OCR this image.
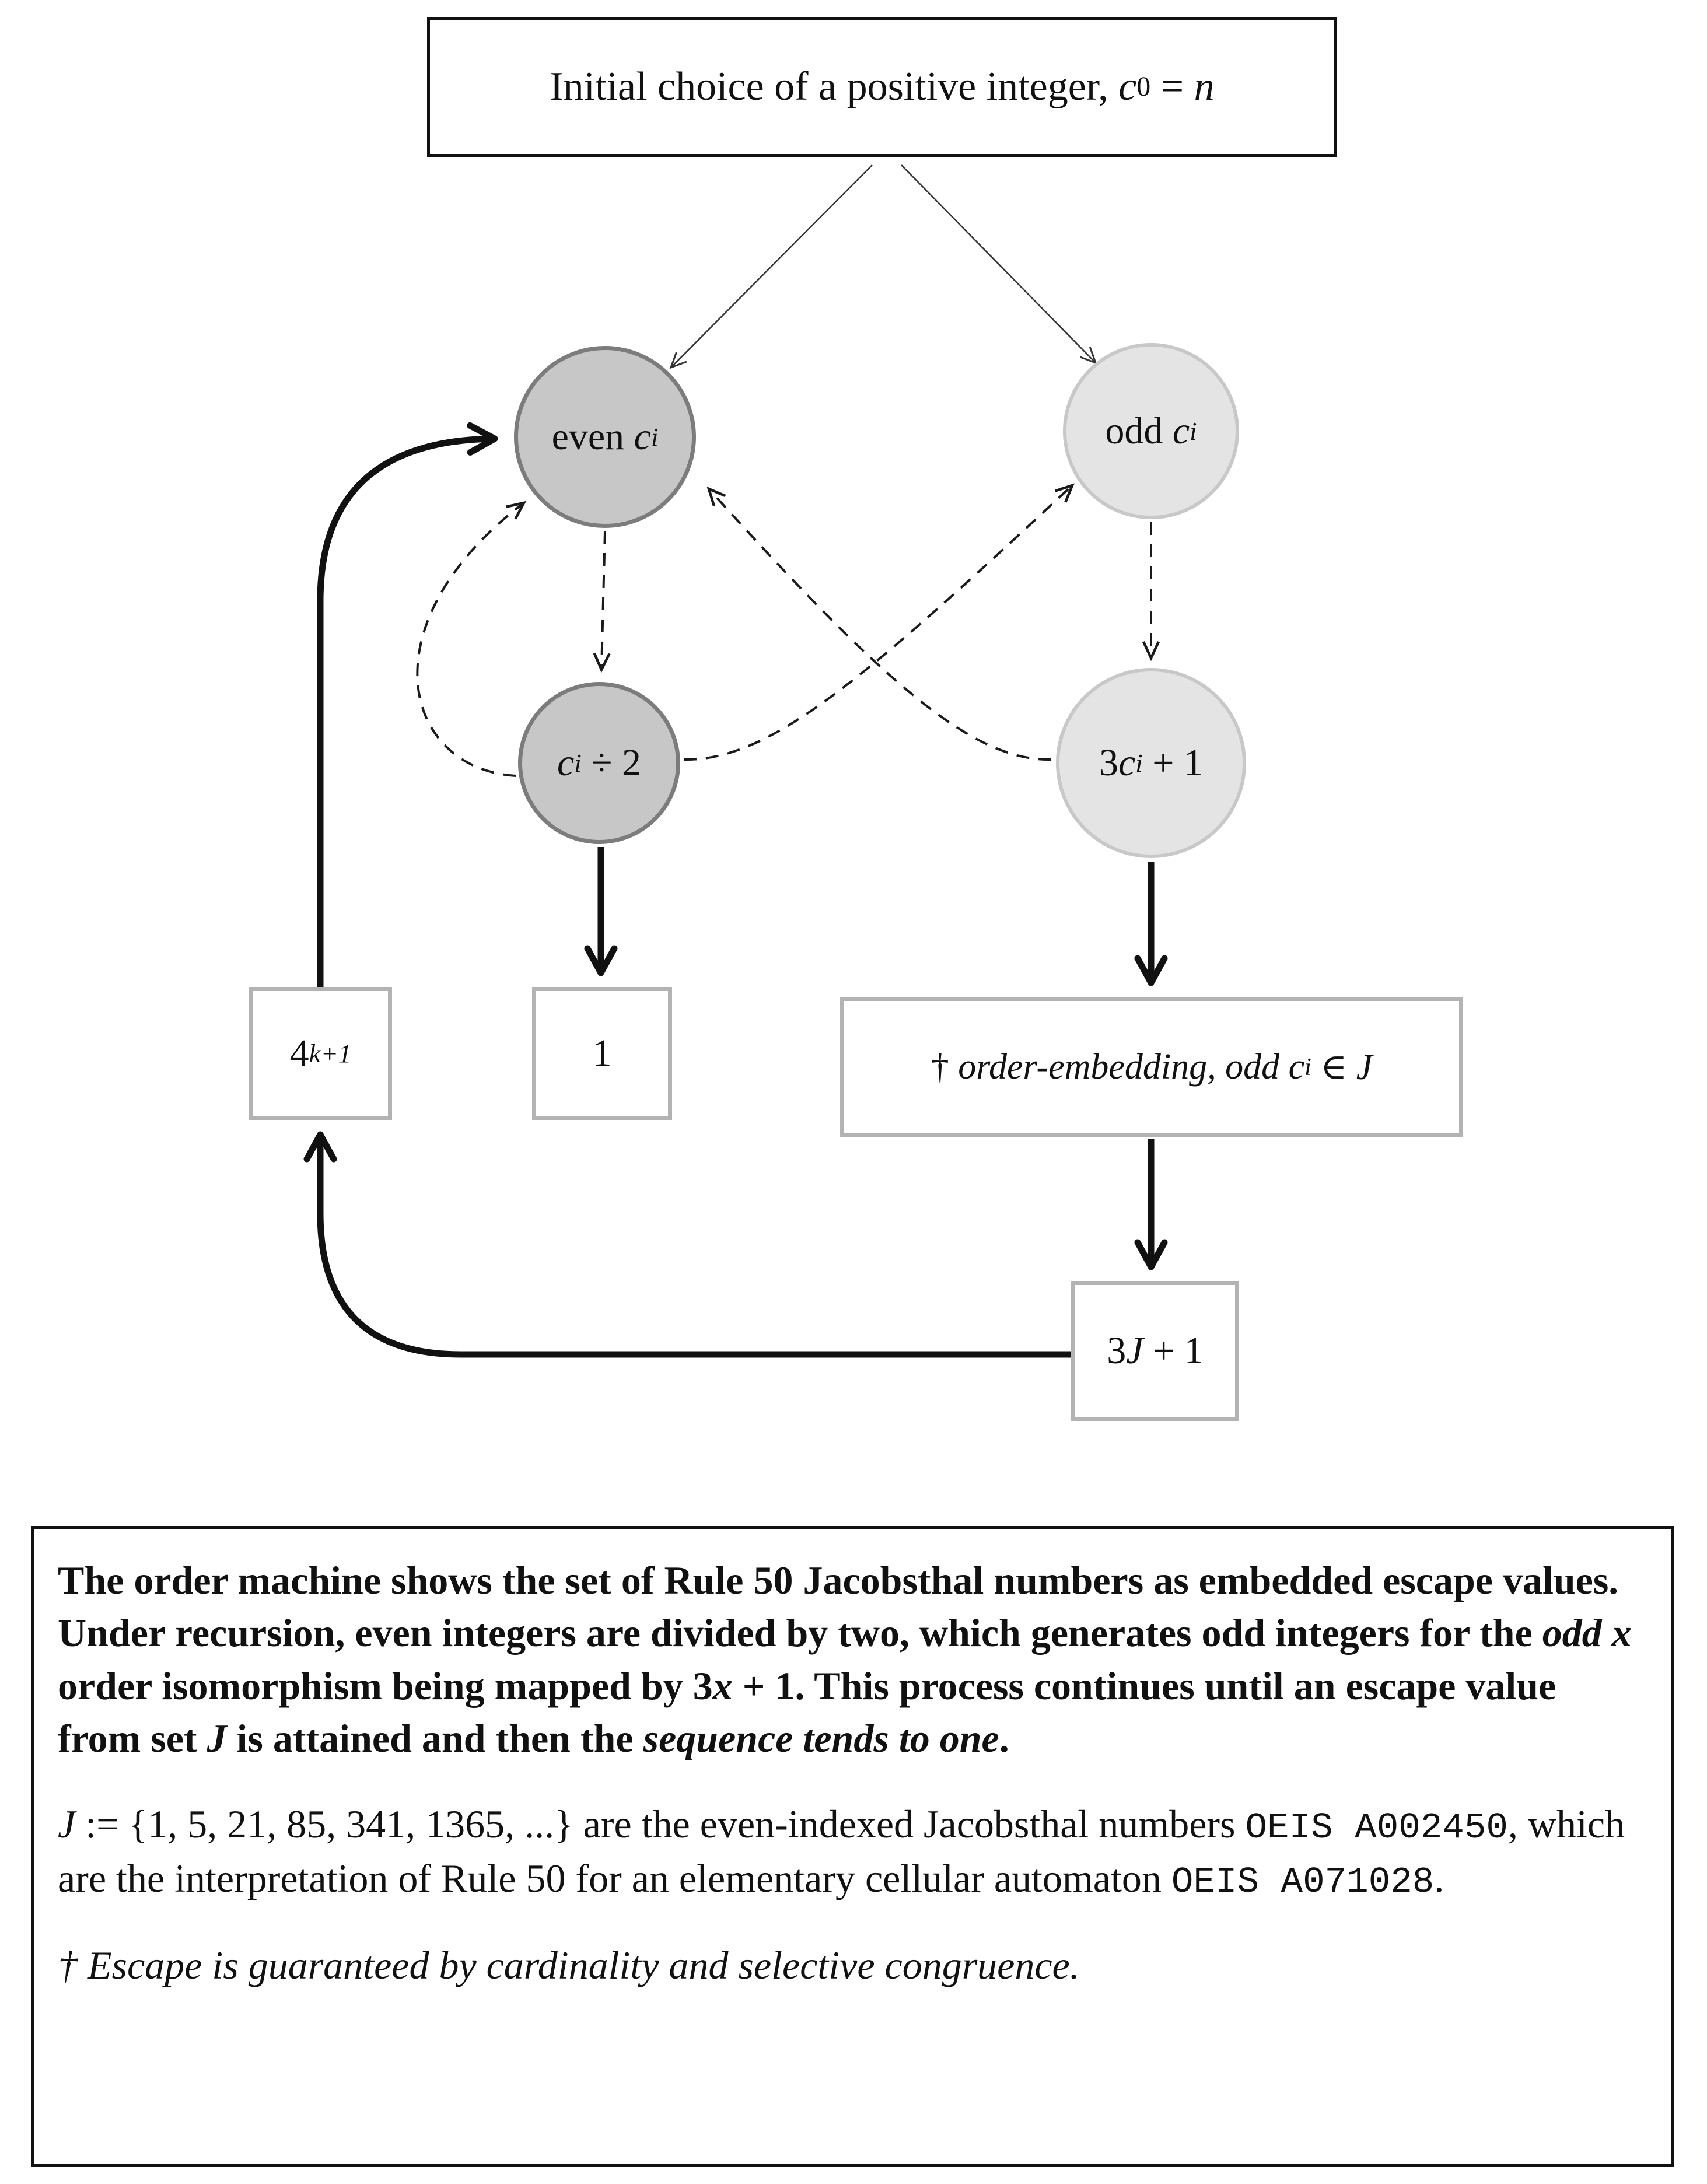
Initial choice of a positive integer, c 0 = n
even c i	odd c i
c i ÷ 2	3 c i + 1
4 k+1	1	† order-embedding, odd c i ∈ J
3 J + 1

The order machine shows the set of Rule 50 Jacobsthal numbers as embedded escape values. Under recursion, even integers are divided by two, which generates odd integers for the odd x order isomorphism being mapped by 3x + 1. This process continues until an escape value from set J is attained and then the sequence tends to one.

J := {1, 5, 21, 85, 341, 1365, ...} are the even-indexed Jacobsthal numbers OEIS A002450, which are the interpretation of Rule 50 for an elementary cellular automaton OEIS A071028.

† Escape is guaranteed by cardinality and selective congruence.
